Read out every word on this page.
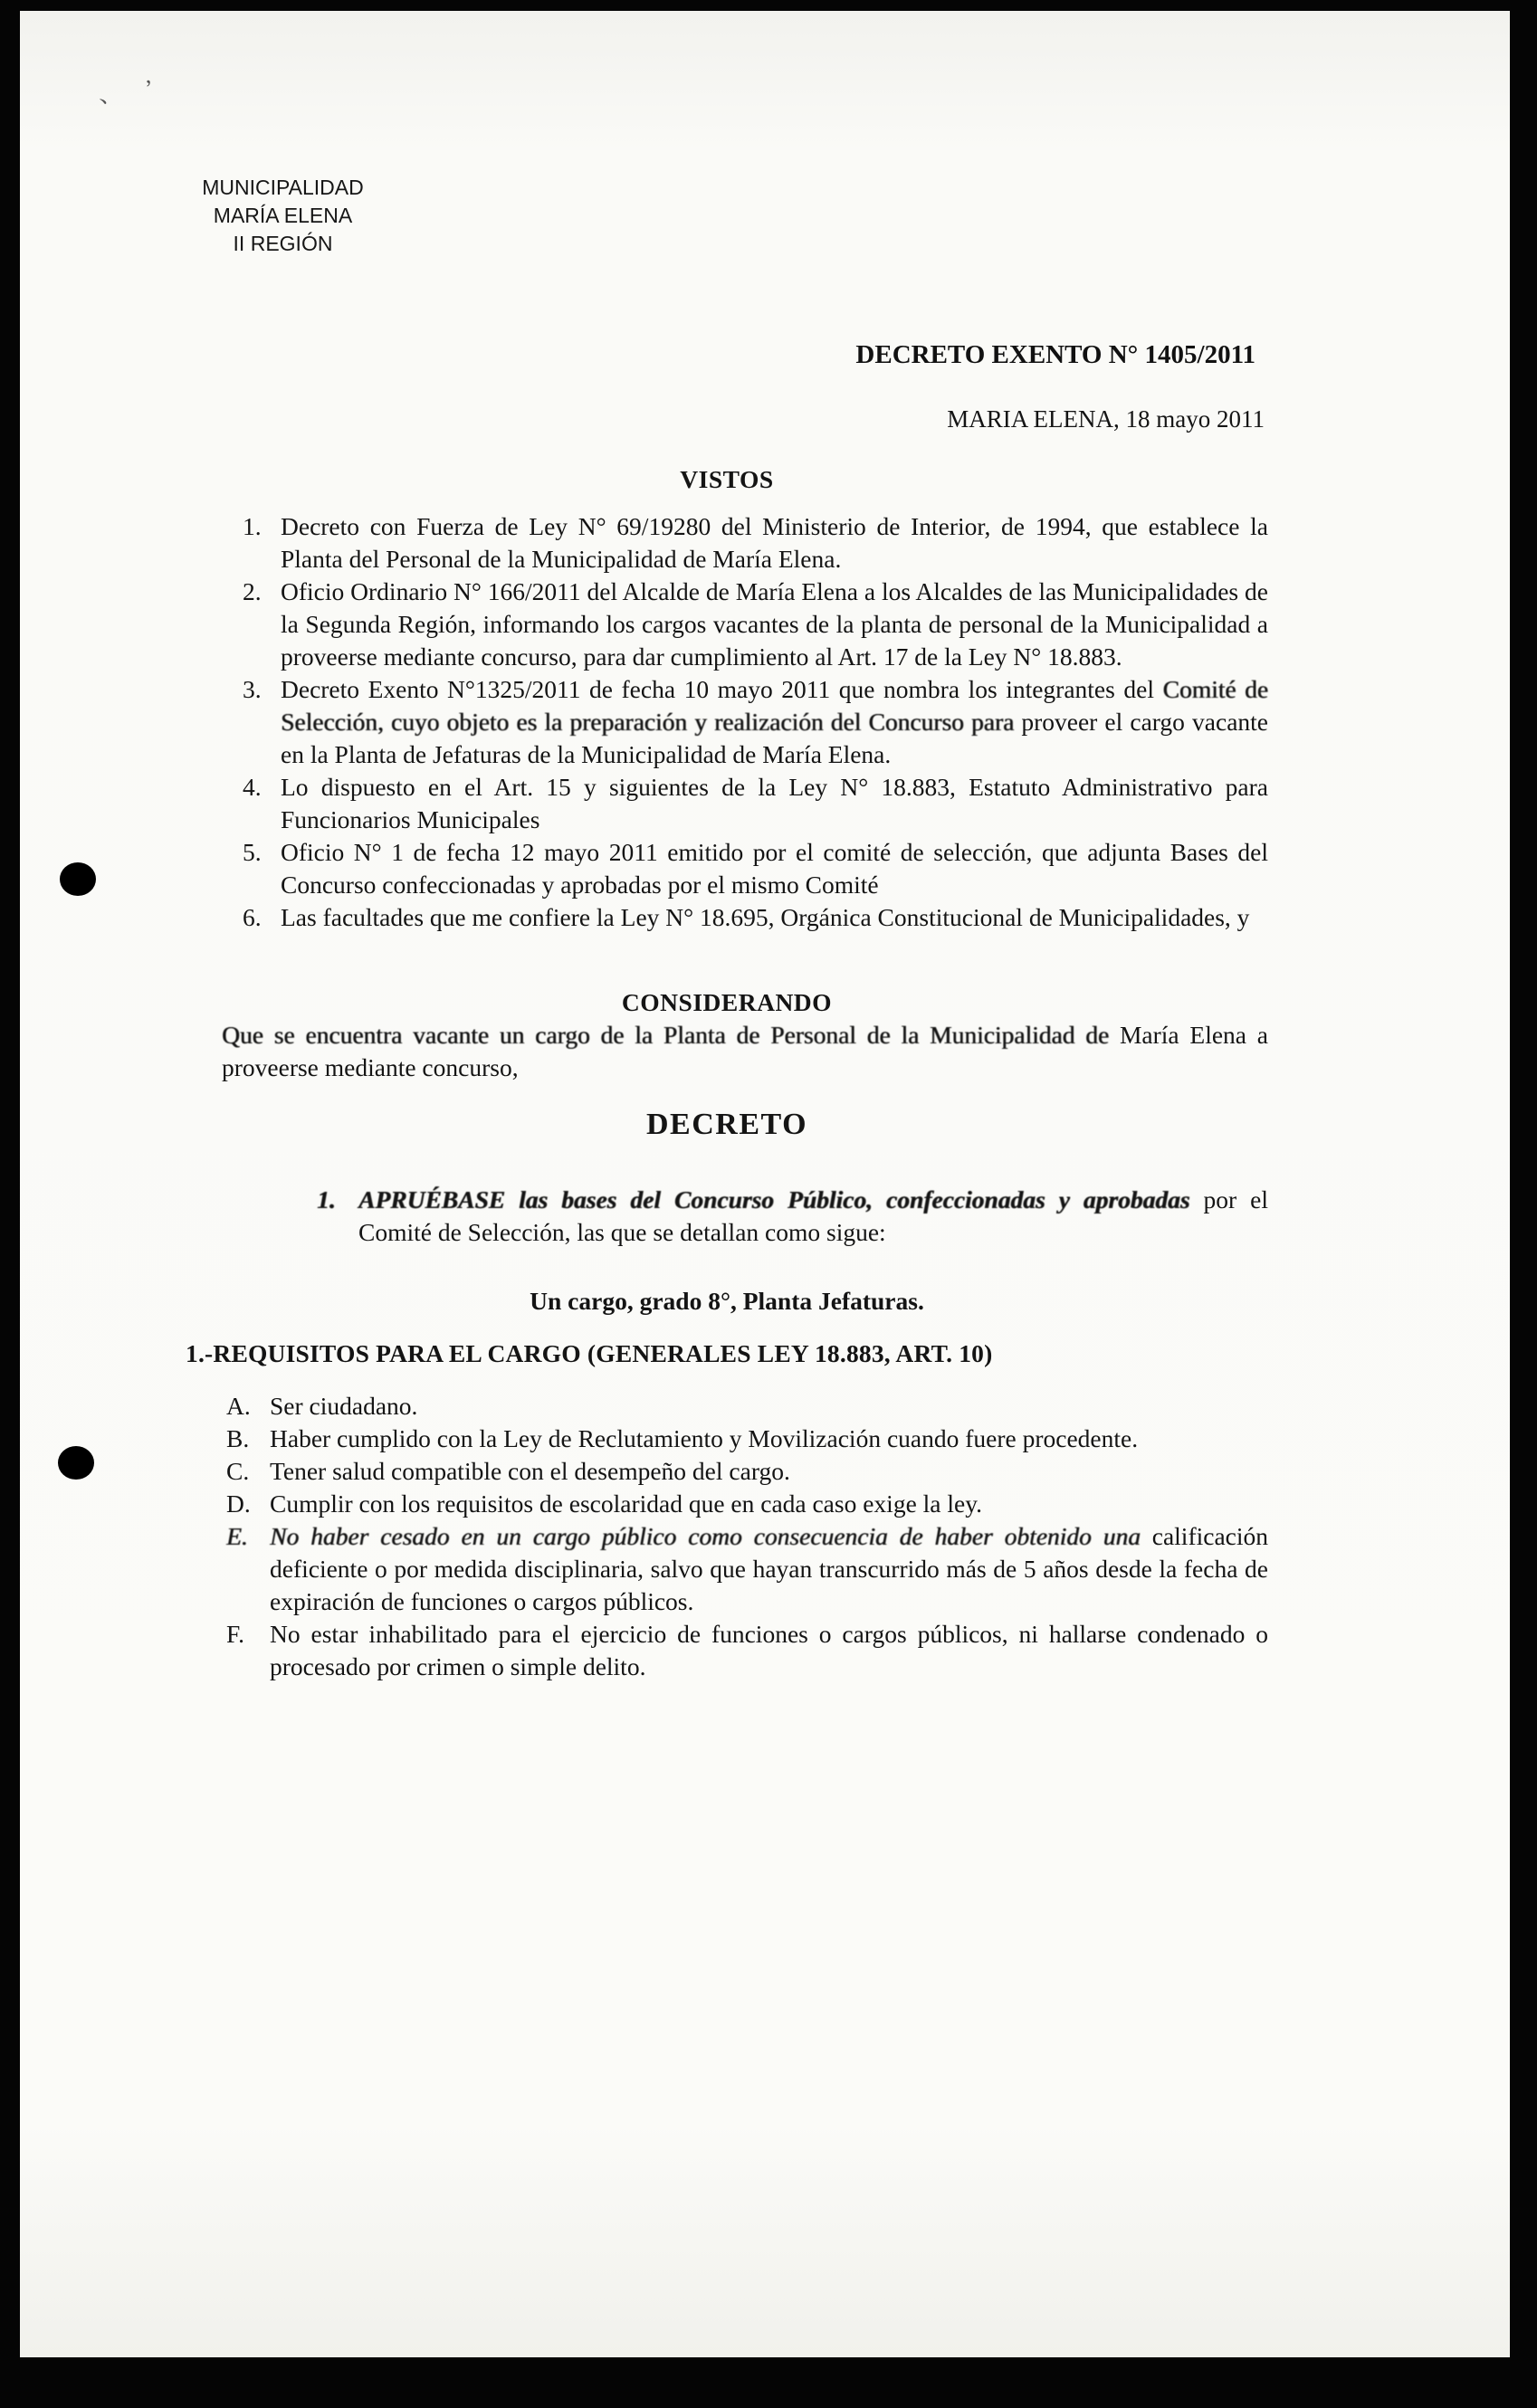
、 ’
MUNICIPALIDAD
MARÍA ELENA
II REGIÓN
DECRETO EXENTO N° 1405/2011
MARIA ELENA, 18 mayo 2011
VISTOS
1. Decreto con Fuerza de Ley N° 69/19280 del Ministerio de Interior, de 1994, que establece la Planta del Personal de la Municipalidad de María Elena.
2. Oficio Ordinario N° 166/2011 del Alcalde de María Elena a los Alcaldes de las Municipalidades de la Segunda Región, informando los cargos vacantes de la planta de personal de la Municipalidad a proveerse mediante concurso, para dar cumplimiento al Art. 17 de la Ley N° 18.883.
3. Decreto Exento N°1325/2011 de fecha 10 mayo 2011 que nombra los integrantes del Comité de Selección, cuyo objeto es la preparación y realización del Concurso para proveer el cargo vacante en la Planta de Jefaturas de la Municipalidad de María Elena.
4. Lo dispuesto en el Art. 15 y siguientes de la Ley N° 18.883, Estatuto Administrativo para Funcionarios Municipales
5. Oficio N° 1 de fecha 12 mayo 2011 emitido por el comité de selección, que adjunta Bases del Concurso confeccionadas y aprobadas por el mismo Comité
6. Las facultades que me confiere la Ley N° 18.695, Orgánica Constitucional de Municipalidades, y
CONSIDERANDO
Que se encuentra vacante un cargo de la Planta de Personal de la Municipalidad de María Elena a proveerse mediante concurso,
DECRETO
1. APRUÉBASE las bases del Concurso Público, confeccionadas y aprobadas por el Comité de Selección, las que se detallan como sigue:
Un cargo, grado 8°, Planta Jefaturas.
1.-REQUISITOS PARA EL CARGO (GENERALES LEY 18.883, ART. 10)
A. Ser ciudadano.
B. Haber cumplido con la Ley de Reclutamiento y Movilización cuando fuere procedente.
C. Tener salud compatible con el desempeño del cargo.
D. Cumplir con los requisitos de escolaridad que en cada caso exige la ley.
E. No haber cesado en un cargo público como consecuencia de haber obtenido una calificación deficiente o por medida disciplinaria, salvo que hayan transcurrido más de 5 años desde la fecha de expiración de funciones o cargos públicos.
F.	No estar inhabilitado para el ejercicio de funciones o cargos públicos, ni hallarse condenado o procesado por crimen o simple delito.
